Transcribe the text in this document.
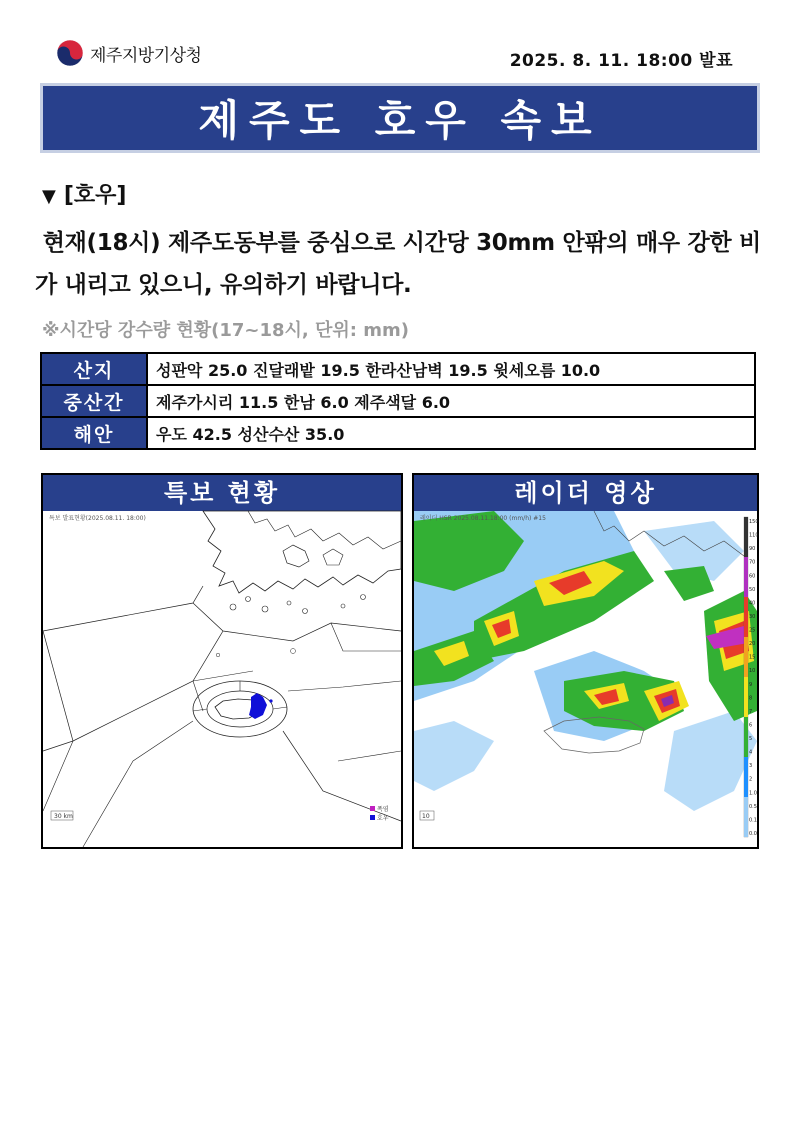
제주지방기상청	2025. 8. 11. 18:00 발표
제주도 호우 속보
▼ [호우]
현재(18시) 제주도동부를 중심으로 시간당 30mm 안팎의 매우 강한 비가 내리고 있으니, 유의하기 바랍니다.
※시간당 강수량 현황(17~18시, 단위: mm)
산지	성판악 25.0 진달래밭 19.5 한라산남벽 19.5 윗세오름 10.0
중산간	제주가시리 11.5 한남 6.0 제주색달 6.0
해안	우도 42.5 성산수산 35.0
특보 현황
폭염
호우
30 km
특보 발표현황(2025.08.11. 18:00)
레이더 영상
150
110
90
70
60
50
40
30
25
20
15
10
9
8
7
6
5
4
3
2
1.0
0.5
0.1
0.0
10
레이더 HSR 2025.08.11.18:00 (mm/h) #15
